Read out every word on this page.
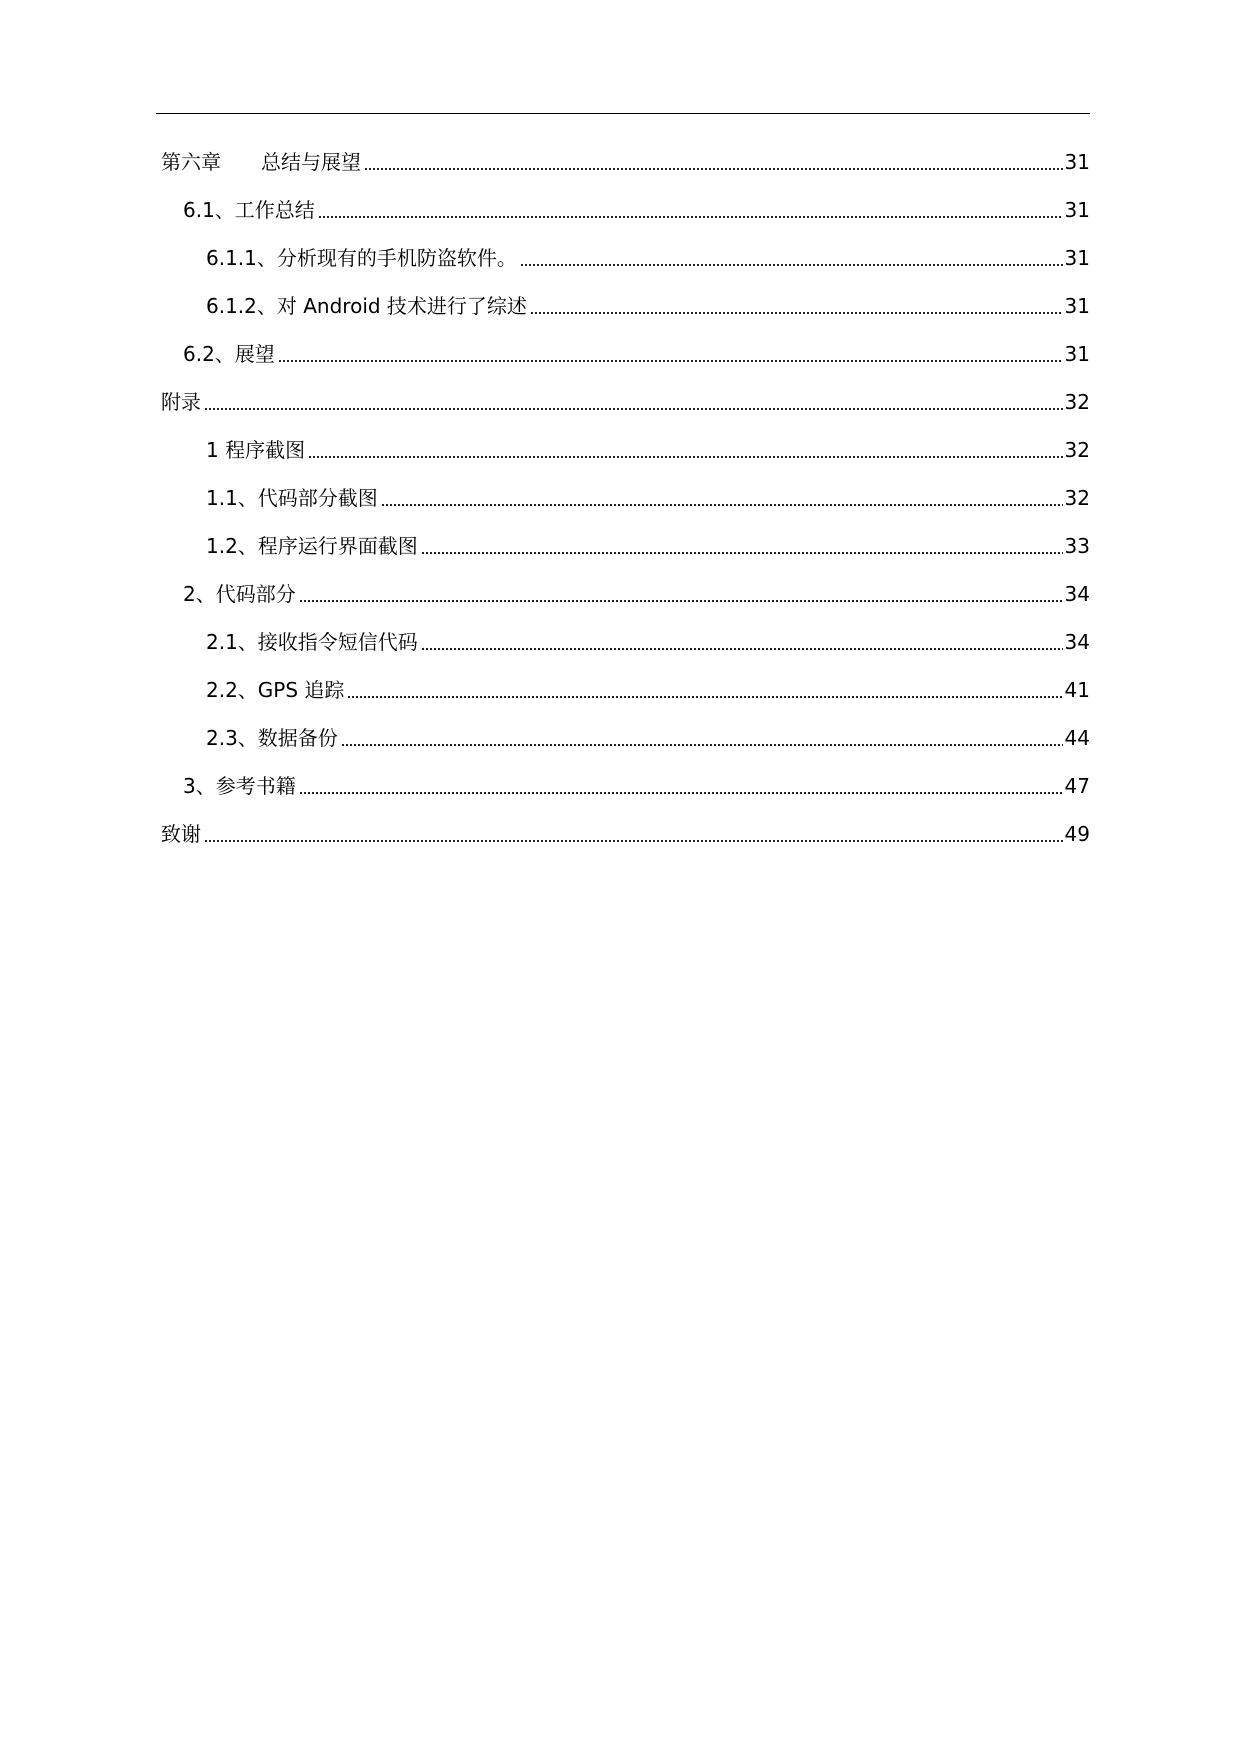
第六章　　总结与展望	31
6.1、工作总结	31
6.1.1、分析现有的手机防盗软件。	31
6.1.2、对 Android 技术进行了综述	31
6.2、展望	31
附录	32
1 程序截图	32
1.1、代码部分截图	32
1.2、程序运行界面截图	33
2、代码部分	34
2.1、接收指令短信代码	34
2.2、GPS 追踪	41
2.3、数据备份	44
3、参考书籍	47
致谢	49
